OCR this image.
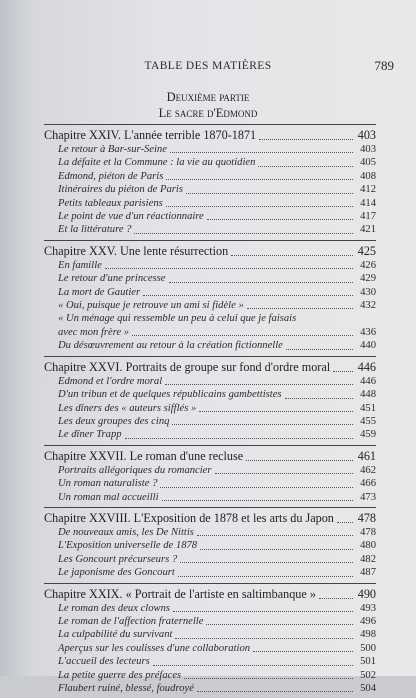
TABLE DES MATIÈRES	789
Deuxième partie
Le sacre d'Edmond
Chapitre XXIV. L'année terrible 1870-1871	403
Le retour à Bar-sur-Seine	403
La défaite et la Commune : la vie au quotidien	405
Edmond, piéton de Paris	408
Itinéraires du piéton de Paris	412
Petits tableaux parisiens	414
Le point de vue d'un réactionnaire	417
Et la littérature ?	421
Chapitre XXV. Une lente résurrection	425
En famille	426
Le retour d'une princesse	429
La mort de Gautier	430
« Oui, puisque je retrouve un ami si fidèle »	432
« Un ménage qui ressemble un peu à celui que je faisais
avec mon frère »	436
Du désœuvrement au retour à la création fictionnelle	440
Chapitre XXVI. Portraits de groupe sur fond d'ordre moral 446
Edmond et l'ordre moral	446
D'un tribun et de quelques républicains gambettistes	448
Les dîners des « auteurs sifflés »	451
Les deux groupes des cinq	455
Le dîner Trapp	459
Chapitre XXVII. Le roman d'une recluse	461
Portraits allégoriques du romancier	462
Un roman naturaliste ?	466
Un roman mal accueilli	473
Chapitre XXVIII. L'Exposition de 1878 et les arts du Japon 478
De nouveaux amis, les De Nittis	478
L'Exposition universelle de 1878	480
Les Goncourt précurseurs ?	482
Le japonisme des Goncourt	487
Chapitre XXIX. « Portrait de l'artiste en saltimbanque »	490
Le roman des deux clowns	493
Le roman de l'affection fraternelle	496
La culpabilité du survivant	498
Aperçus sur les coulisses d'une collaboration	500
L'accueil des lecteurs	501
La petite guerre des préfaces	502
Flaubert ruiné, blessé, foudroyé	504
